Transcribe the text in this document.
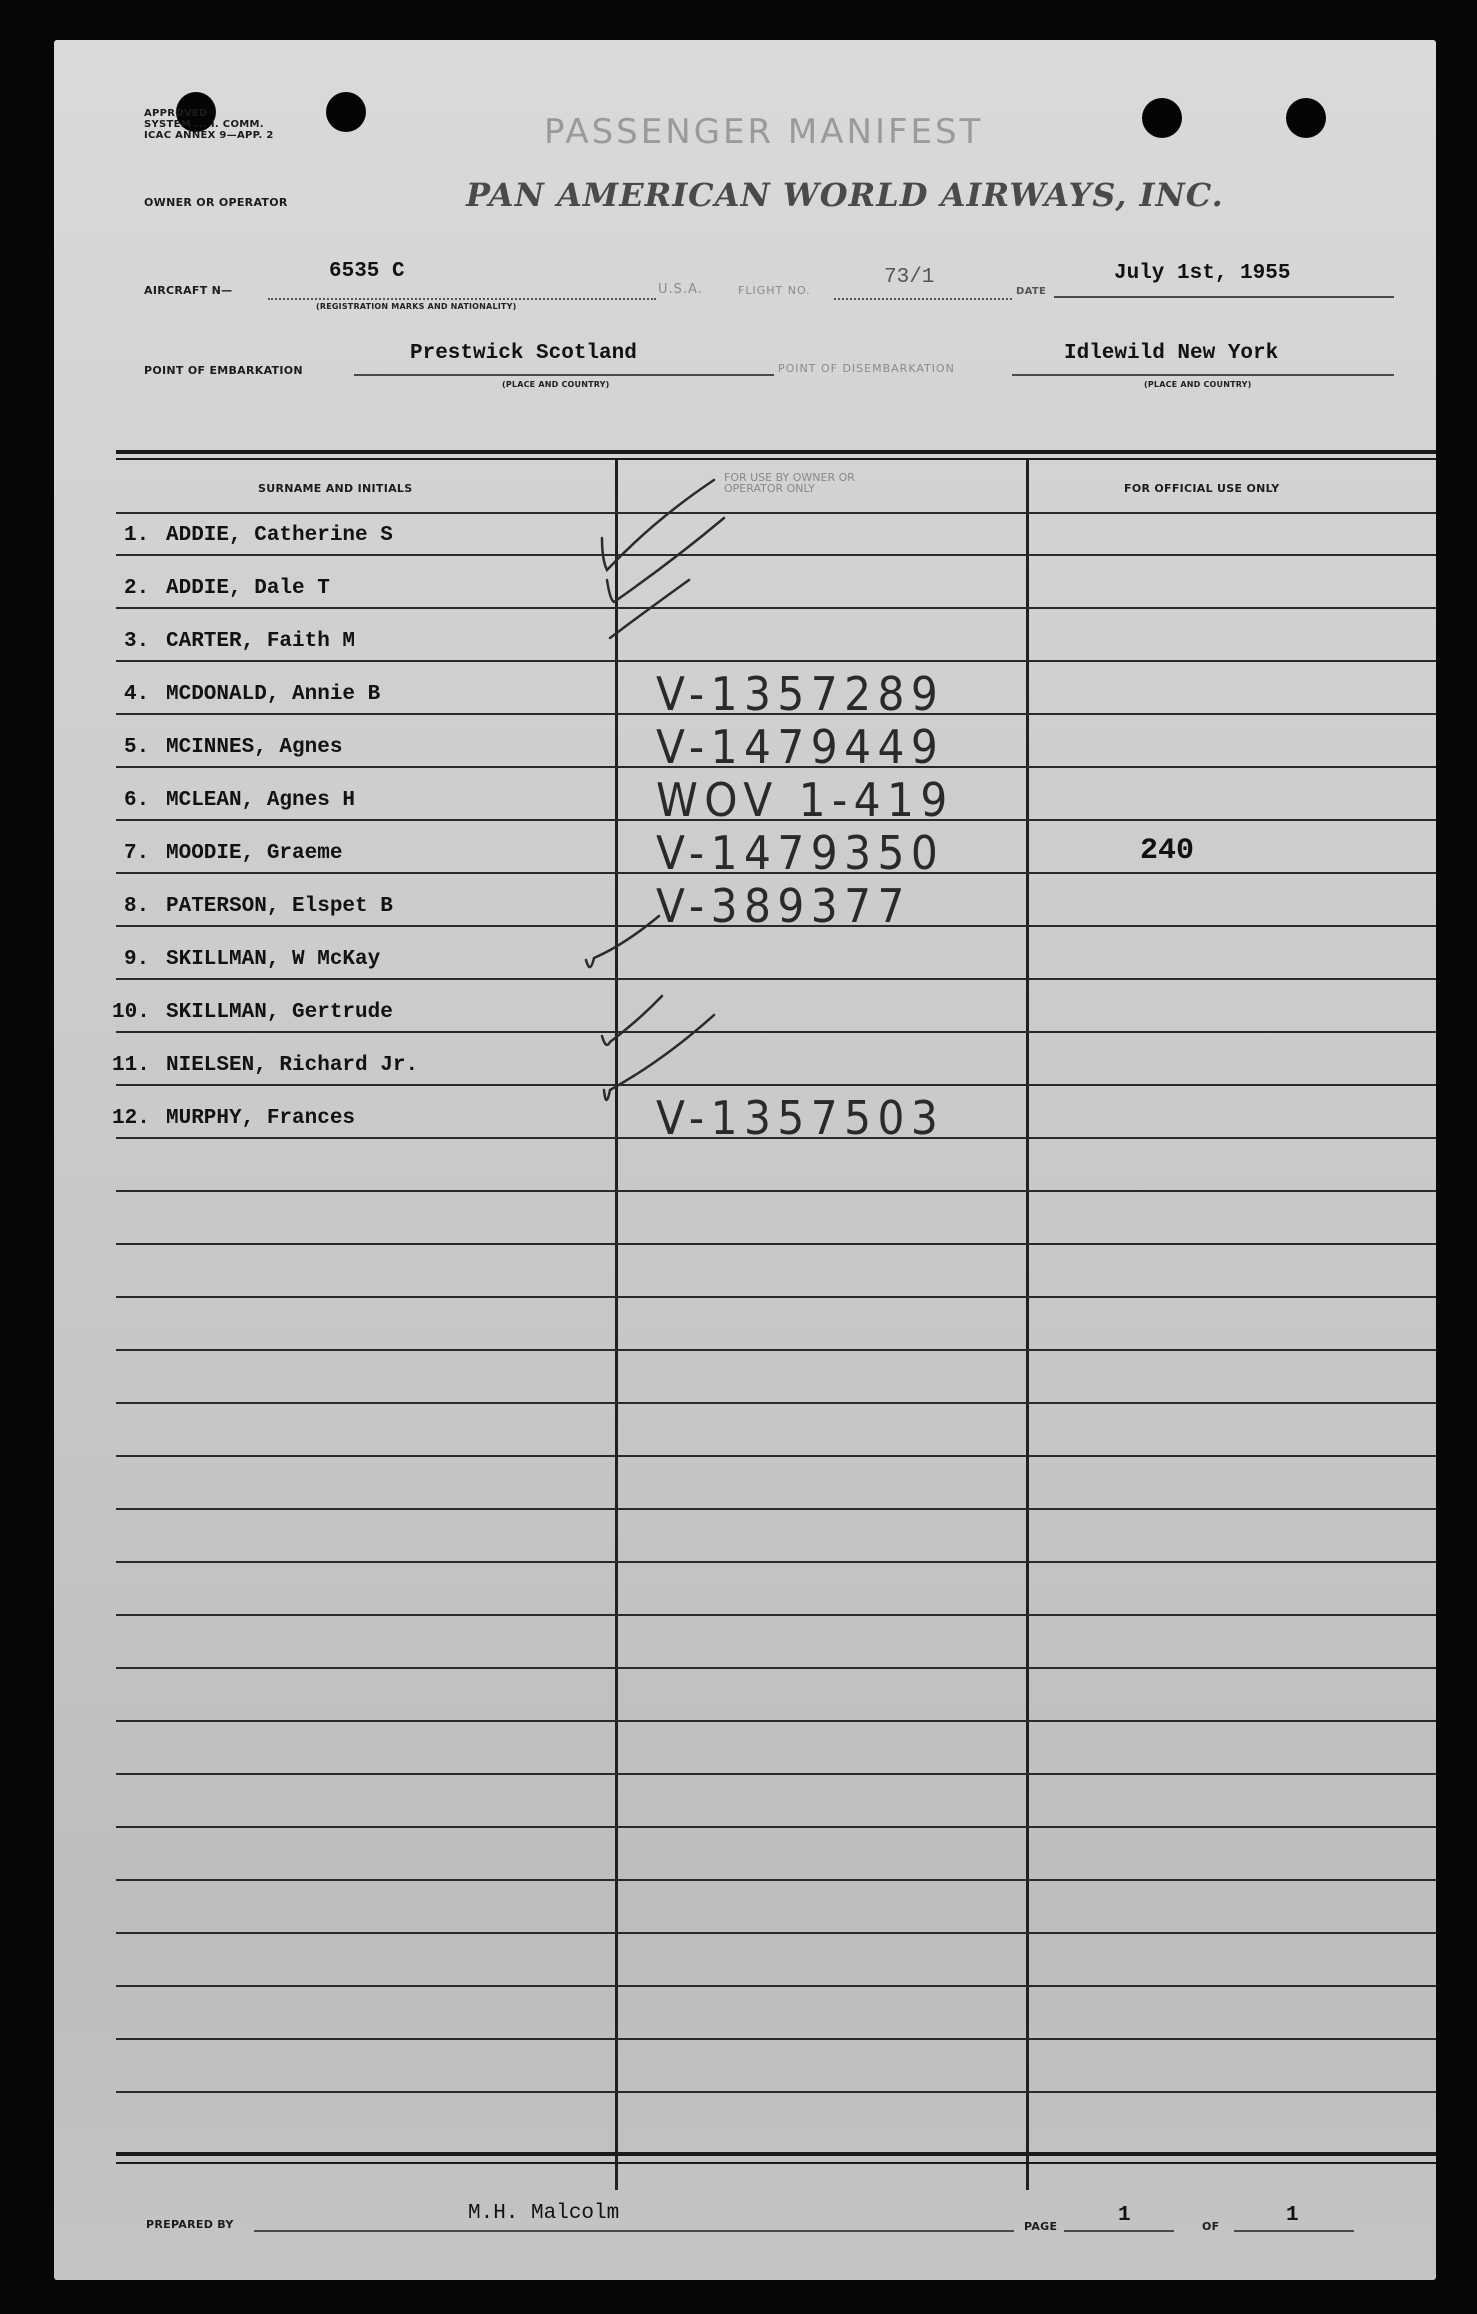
APPROVED
SYSTEM ... I. COMM.
ICAC ANNEX 9—APP. 2	PASSENGER MANIFEST
OWNER OR OPERATOR	PAN AMERICAN WORLD AIRWAYS, INC.
AIRCRAFT N—
6535 C
(REGISTRATION MARKS AND NATIONALITY)
U.S.A.	FLIGHT NO.
73/1
DATE
July 1st, 1955
POINT OF EMBARKATION
Prestwick Scotland
(PLACE AND COUNTRY)
POINT OF DISEMBARKATION
Idlewild New York
(PLACE AND COUNTRY)
SURNAME AND INITIALS
FOR USE BY OWNER OR OPERATOR ONLY	FOR OFFICIAL USE ONLY
1. ADDIE, Catherine S
2. ADDIE, Dale T
3. CARTER, Faith M
4. MCDONALD, Annie B	V-1357289
5. MCINNES, Agnes	V-1479449
6. MCLEAN, Agnes H	WOV 1-419
7. MOODIE, Graeme	V-1479350	240
8. PATERSON, Elspet B	V-389377
9. SKILLMAN, W McKay
10. SKILLMAN, Gertrude
11. NIELSEN, Richard Jr.
12. MURPHY, Frances	V-1357503
PREPARED BY	M.H. Malcolm
PAGE	1	OF	1
